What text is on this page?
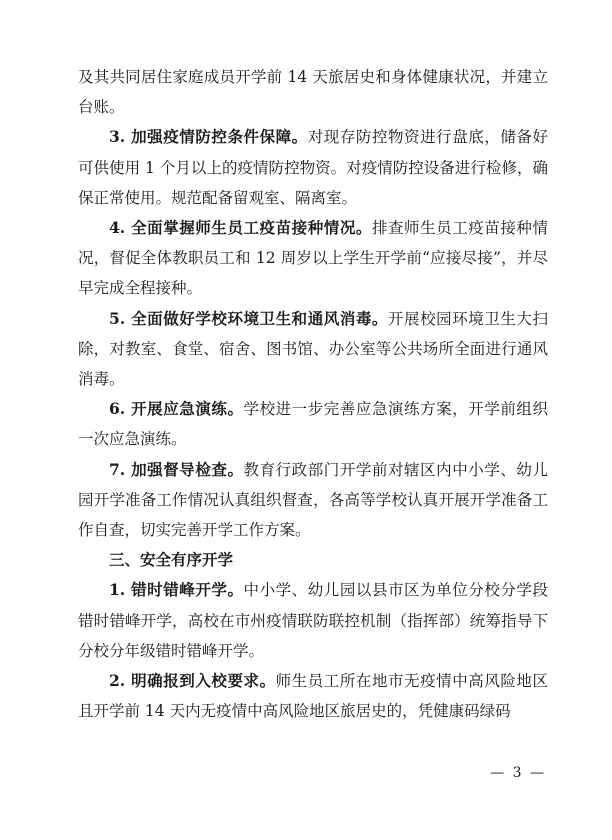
及其共同居住家庭成员开学前 14 天旅居史和身体健康状况，并建立台账。

3. 加强疫情防控条件保障。对现存防控物资进行盘底，储备好可供使用 1 个月以上的疫情防控物资。对疫情防控设备进行检修，确保正常使用。规范配备留观室、隔离室。

4. 全面掌握师生员工疫苗接种情况。排查师生员工疫苗接种情况，督促全体教职员工和 12 周岁以上学生开学前“应接尽接”，并尽早完成全程接种。

5. 全面做好学校环境卫生和通风消毒。开展校园环境卫生大扫除，对教室、食堂、宿舍、图书馆、办公室等公共场所全面进行通风消毒。

6. 开展应急演练。学校进一步完善应急演练方案，开学前组织一次应急演练。

7. 加强督导检查。教育行政部门开学前对辖区内中小学、幼儿园开学准备工作情况认真组织督查，各高等学校认真开展开学准备工作自查，切实完善开学工作方案。

三、安全有序开学

1. 错时错峰开学。中小学、幼儿园以县市区为单位分校分学段错时错峰开学，高校在市州疫情联防联控机制（指挥部）统筹指导下分校分年级错时错峰开学。

2. 明确报到入校要求。师生员工所在地市无疫情中高风险地区且开学前 14 天内无疫情中高风险地区旅居史的，凭健康码绿码

— 3 —
